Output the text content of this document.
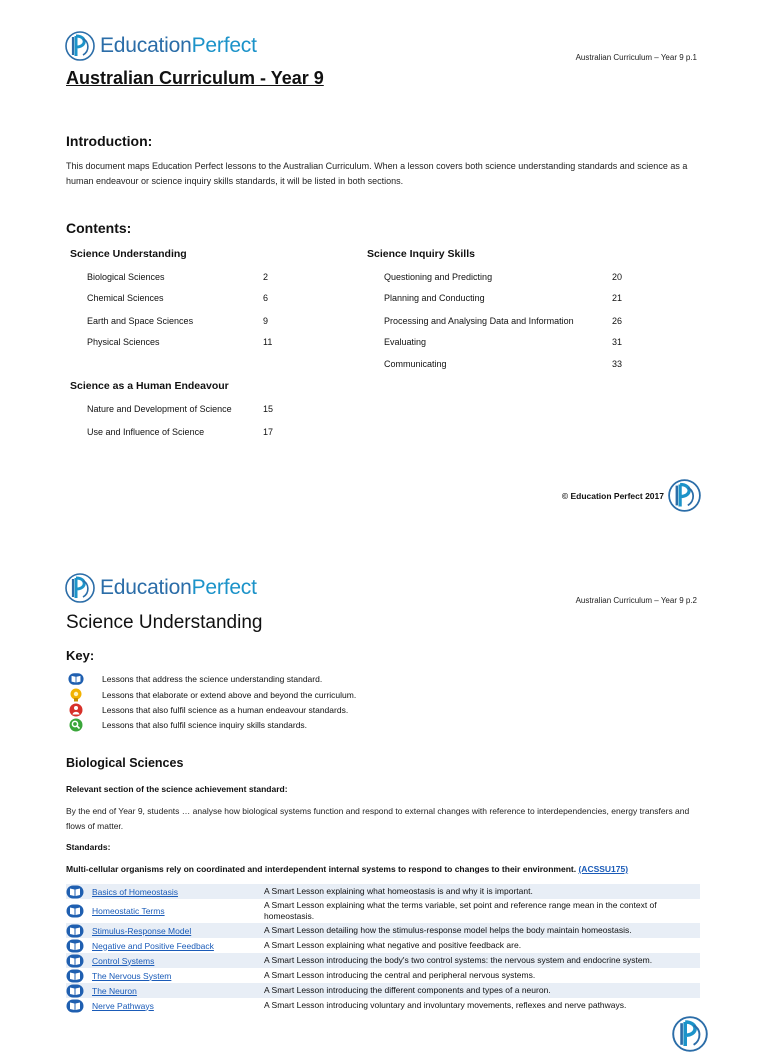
EducationPerfect
Australian Curriculum – Year 9 p.1
Australian Curriculum - Year 9
Introduction:

This document maps Education Perfect lessons to the Australian Curriculum. When a lesson covers both science understanding standards and science as a human endeavour or science inquiry skills standards, it will be listed in both sections.

Contents:
Science Understanding
Biological Sciences	2
Chemical Sciences	6
Earth and Space Sciences	9
Physical Sciences	11
Science as a Human Endeavour
Nature and Development of Science	15
Use and Influence of Science	17
Science Inquiry Skills
Questioning and Predicting	20
Planning and Conducting	21
Processing and Analysing Data and Information	26
Evaluating	31
Communicating	33
© Education Perfect 2017
EducationPerfect
Australian Curriculum – Year 9 p.2
Science Understanding
Key:
Lessons that address the science understanding standard.
Lessons that elaborate or extend above and beyond the curriculum.
Lessons that also fulfil science as a human endeavour standards.
Lessons that also fulfil science inquiry skills standards.
Biological Sciences

Relevant section of the science achievement standard:

By the end of Year 9, students … analyse how biological systems function and respond to external changes with reference to interdependencies, energy transfers and flows of matter.

Standards:

Multi-cellular organisms rely on coordinated and interdependent internal systems to respond to changes to their environment. (ACSSU175)

	Basics of Homeostasis	A Smart Lesson explaining what homeostasis is and why it is important.

	Homeostatic Terms	A Smart Lesson explaining what the terms variable, set point and reference range mean in the context of homeostasis.

	Stimulus-Response Model	A Smart Lesson detailing how the stimulus-response model helps the body maintain homeostasis.

	Negative and Positive Feedback	A Smart Lesson explaining what negative and positive feedback are.

	Control Systems	A Smart Lesson introducing the body's two control systems: the nervous system and endocrine system.

	The Nervous System	A Smart Lesson introducing the central and peripheral nervous systems.

	The Neuron	A Smart Lesson introducing the different components and types of a neuron.

	Nerve Pathways	A Smart Lesson introducing voluntary and involuntary movements, reflexes and nerve pathways.
